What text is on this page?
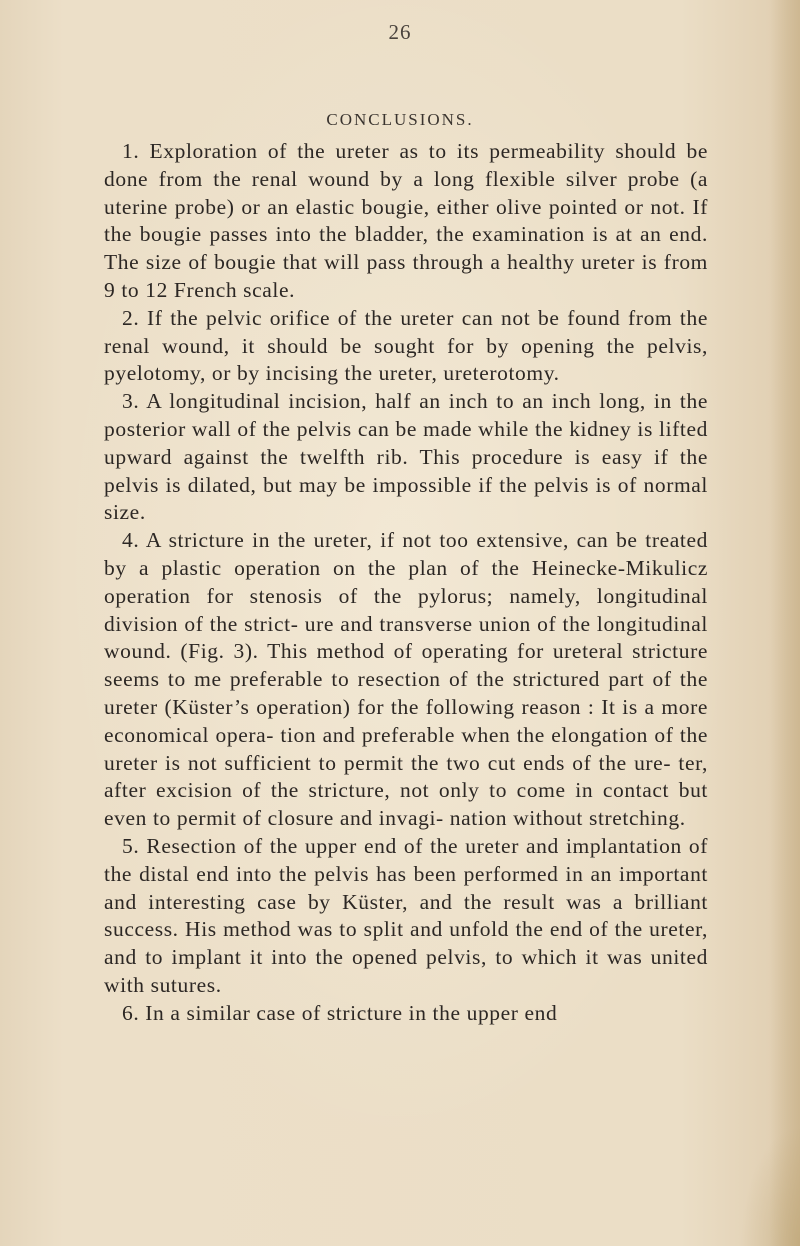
26
CONCLUSIONS.

1. Exploration of the ureter as to its permeability should be done from the renal wound by a long flexible silver probe (a uterine probe) or an elastic bougie, either olive pointed or not. If the bougie passes into the bladder, the examination is at an end. The size of bougie that will pass through a healthy ureter is from 9 to 12 French scale.

2. If the pelvic orifice of the ureter can not be found from the renal wound, it should be sought for by opening the pelvis, pyelotomy, or by incising the ureter, ureterotomy.

3. A longitudinal incision, half an inch to an inch long, in the posterior wall of the pelvis can be made while the kidney is lifted upward against the twelfth rib. This procedure is easy if the pelvis is dilated, but may be impossible if the pelvis is of normal size.

4. A stricture in the ureter, if not too extensive, can be treated by a plastic operation on the plan of the Heinecke-Mikulicz operation for stenosis of the pylorus; namely, longitudinal division of the strict- ure and transverse union of the longitudinal wound. (Fig. 3). This method of operating for ureteral stricture seems to me preferable to resection of the strictured part of the ureter (Küster’s operation) for the following reason : It is a more economical opera- tion and preferable when the elongation of the ureter is not sufficient to permit the two cut ends of the ure- ter, after excision of the stricture, not only to come in contact but even to permit of closure and invagi- nation without stretching.

5. Resection of the upper end of the ureter and implantation of the distal end into the pelvis has been performed in an important and interesting case by Küster, and the result was a brilliant success. His method was to split and unfold the end of the ureter, and to implant it into the opened pelvis, to which it was united with sutures.

6. In a similar case of stricture in the upper end
